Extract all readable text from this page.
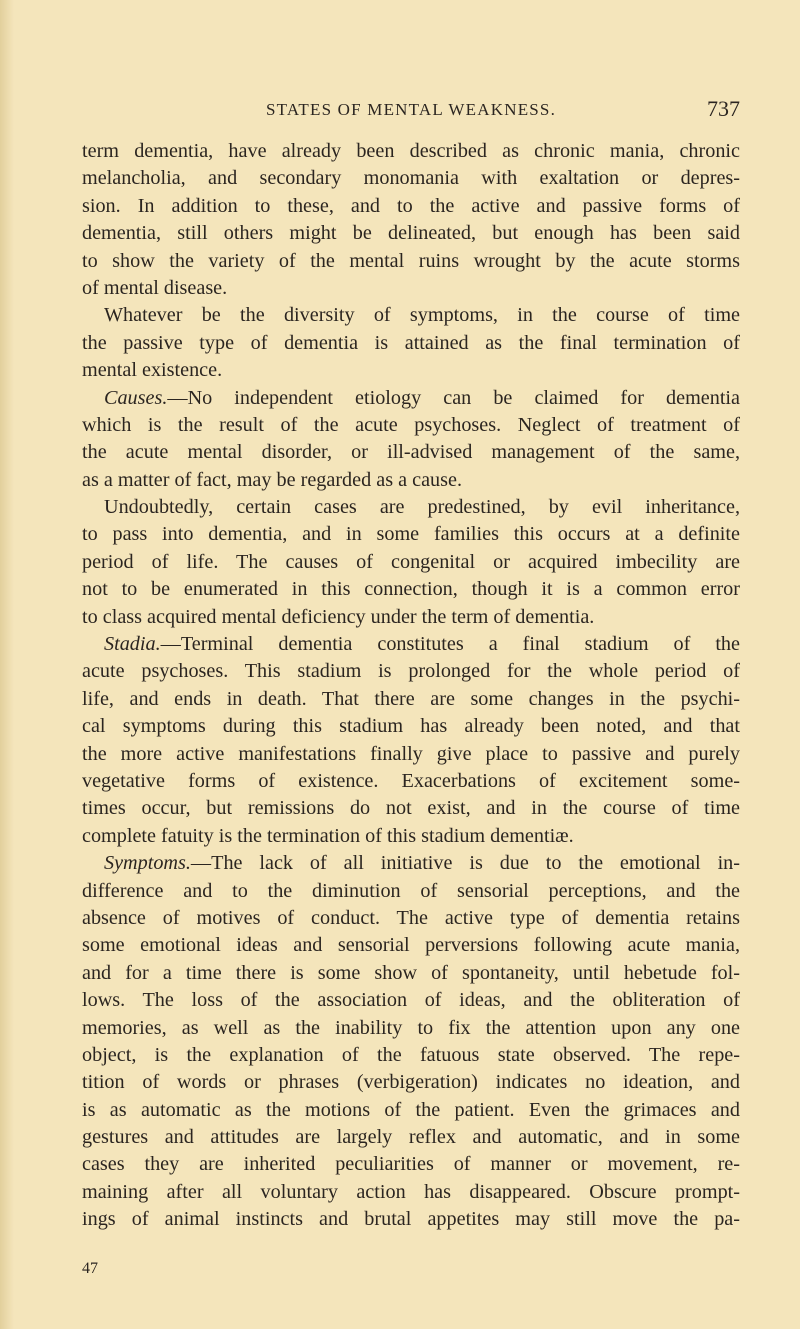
STATES OF MENTAL WEAKNESS.	737
term dementia, have already been described as chronic mania, chronic
melancholia, and secondary monomania with exaltation or depres-
sion. In addition to these, and to the active and passive forms of
dementia, still others might be delineated, but enough has been said
to show the variety of the mental ruins wrought by the acute storms
of mental disease.
Whatever be the diversity of symptoms, in the course of time
the passive type of dementia is attained as the final termination of
mental existence.
Causes.—No independent etiology can be claimed for dementia
which is the result of the acute psychoses. Neglect of treatment of
the acute mental disorder, or ill-advised management of the same,
as a matter of fact, may be regarded as a cause.
Undoubtedly, certain cases are predestined, by evil inheritance,
to pass into dementia, and in some families this occurs at a definite
period of life. The causes of congenital or acquired imbecility are
not to be enumerated in this connection, though it is a common error
to class acquired mental deficiency under the term of dementia.
Stadia.—Terminal dementia constitutes a final stadium of the
acute psychoses. This stadium is prolonged for the whole period of
life, and ends in death. That there are some changes in the psychi-
cal symptoms during this stadium has already been noted, and that
the more active manifestations finally give place to passive and purely
vegetative forms of existence. Exacerbations of excitement some-
times occur, but remissions do not exist, and in the course of time
complete fatuity is the termination of this stadium dementiæ.
Symptoms.—The lack of all initiative is due to the emotional in-
difference and to the diminution of sensorial perceptions, and the
absence of motives of conduct. The active type of dementia retains
some emotional ideas and sensorial perversions following acute mania,
and for a time there is some show of spontaneity, until hebetude fol-
lows. The loss of the association of ideas, and the obliteration of
memories, as well as the inability to fix the attention upon any one
object, is the explanation of the fatuous state observed. The repe-
tition of words or phrases (verbigeration) indicates no ideation, and
is as automatic as the motions of the patient. Even the grimaces and
gestures and attitudes are largely reflex and automatic, and in some
cases they are inherited peculiarities of manner or movement, re-
maining after all voluntary action has disappeared. Obscure prompt-
ings of animal instincts and brutal appetites may still move the pa-
47
